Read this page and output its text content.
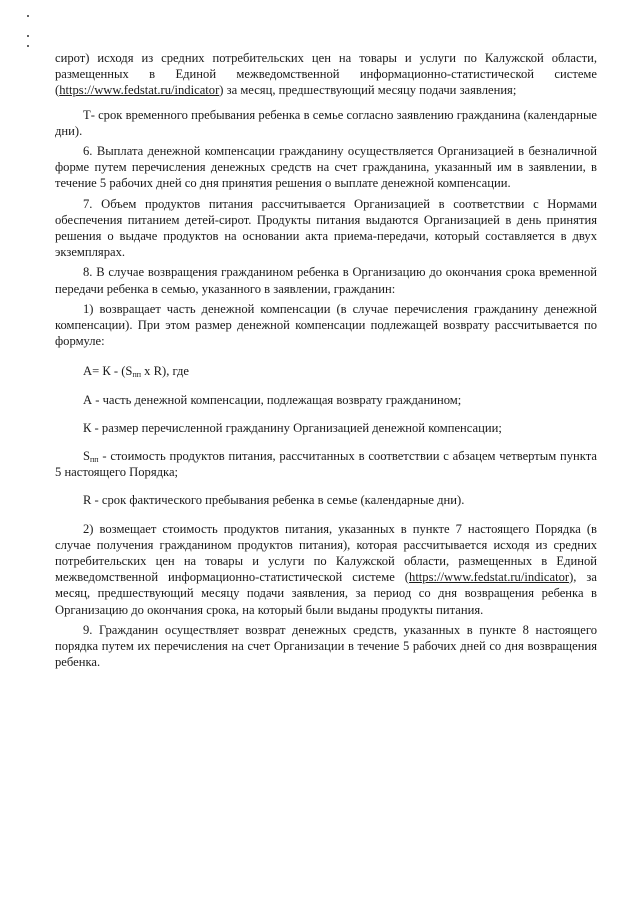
сирот) исходя из средних потребительских цен на товары и услуги по Калужской области, размещенных в Единой межведомственной информационно-статистической системе (https://www.fedstat.ru/indicator) за месяц, предшествующий месяцу подачи заявления;

Т- срок временного пребывания ребенка в семье согласно заявлению гражданина (календарные дни).

6. Выплата денежной компенсации гражданину осуществляется Организацией в безналичной форме путем перечисления денежных средств на счет гражданина, указанный им в заявлении, в течение 5 рабочих дней со дня принятия решения о выплате денежной компенсации.

7. Объем продуктов питания рассчитывается Организацией в соответствии с Нормами обеспечения питанием детей-сирот. Продукты питания выдаются Организацией в день принятия решения о выдаче продуктов на основании акта приема-передачи, который составляется в двух экземплярах.

8. В случае возвращения гражданином ребенка в Организацию до окончания срока временной передачи ребенка в семью, указанного в заявлении, гражданин:

1) возвращает часть денежной компенсации (в случае перечисления гражданину денежной компенсации). При этом размер денежной компенсации подлежащей возврату рассчитывается по формуле:

$А= К - (S_{пп}$ х R), где

А - часть денежной компенсации, подлежащая возврату гражданином;

К - размер перечисленной гражданину Организацией денежной компенсации;

$S_{пп}$ - стоимость продуктов питания, рассчитанных в соответствии с абзацем четвертым пункта 5 настоящего Порядка;

R - срок фактического пребывания ребенка в семье (календарные дни).

2) возмещает стоимость продуктов питания, указанных в пункте 7 настоящего Порядка (в случае получения гражданином продуктов питания), которая рассчитывается исходя из средних потребительских цен на товары и услуги по Калужской области, размещенных в Единой межведомственной информационно-статистической системе (https://www.fedstat.ru/indicator), за месяц, предшествующий месяцу подачи заявления, за период со дня возвращения ребенка в Организацию до окончания срока, на который были выданы продукты питания.

9. Гражданин осуществляет возврат денежных средств, указанных в пункте 8 настоящего порядка путем их перечисления на счет Организации в течение 5 рабочих дней со дня возвращения ребенка.
